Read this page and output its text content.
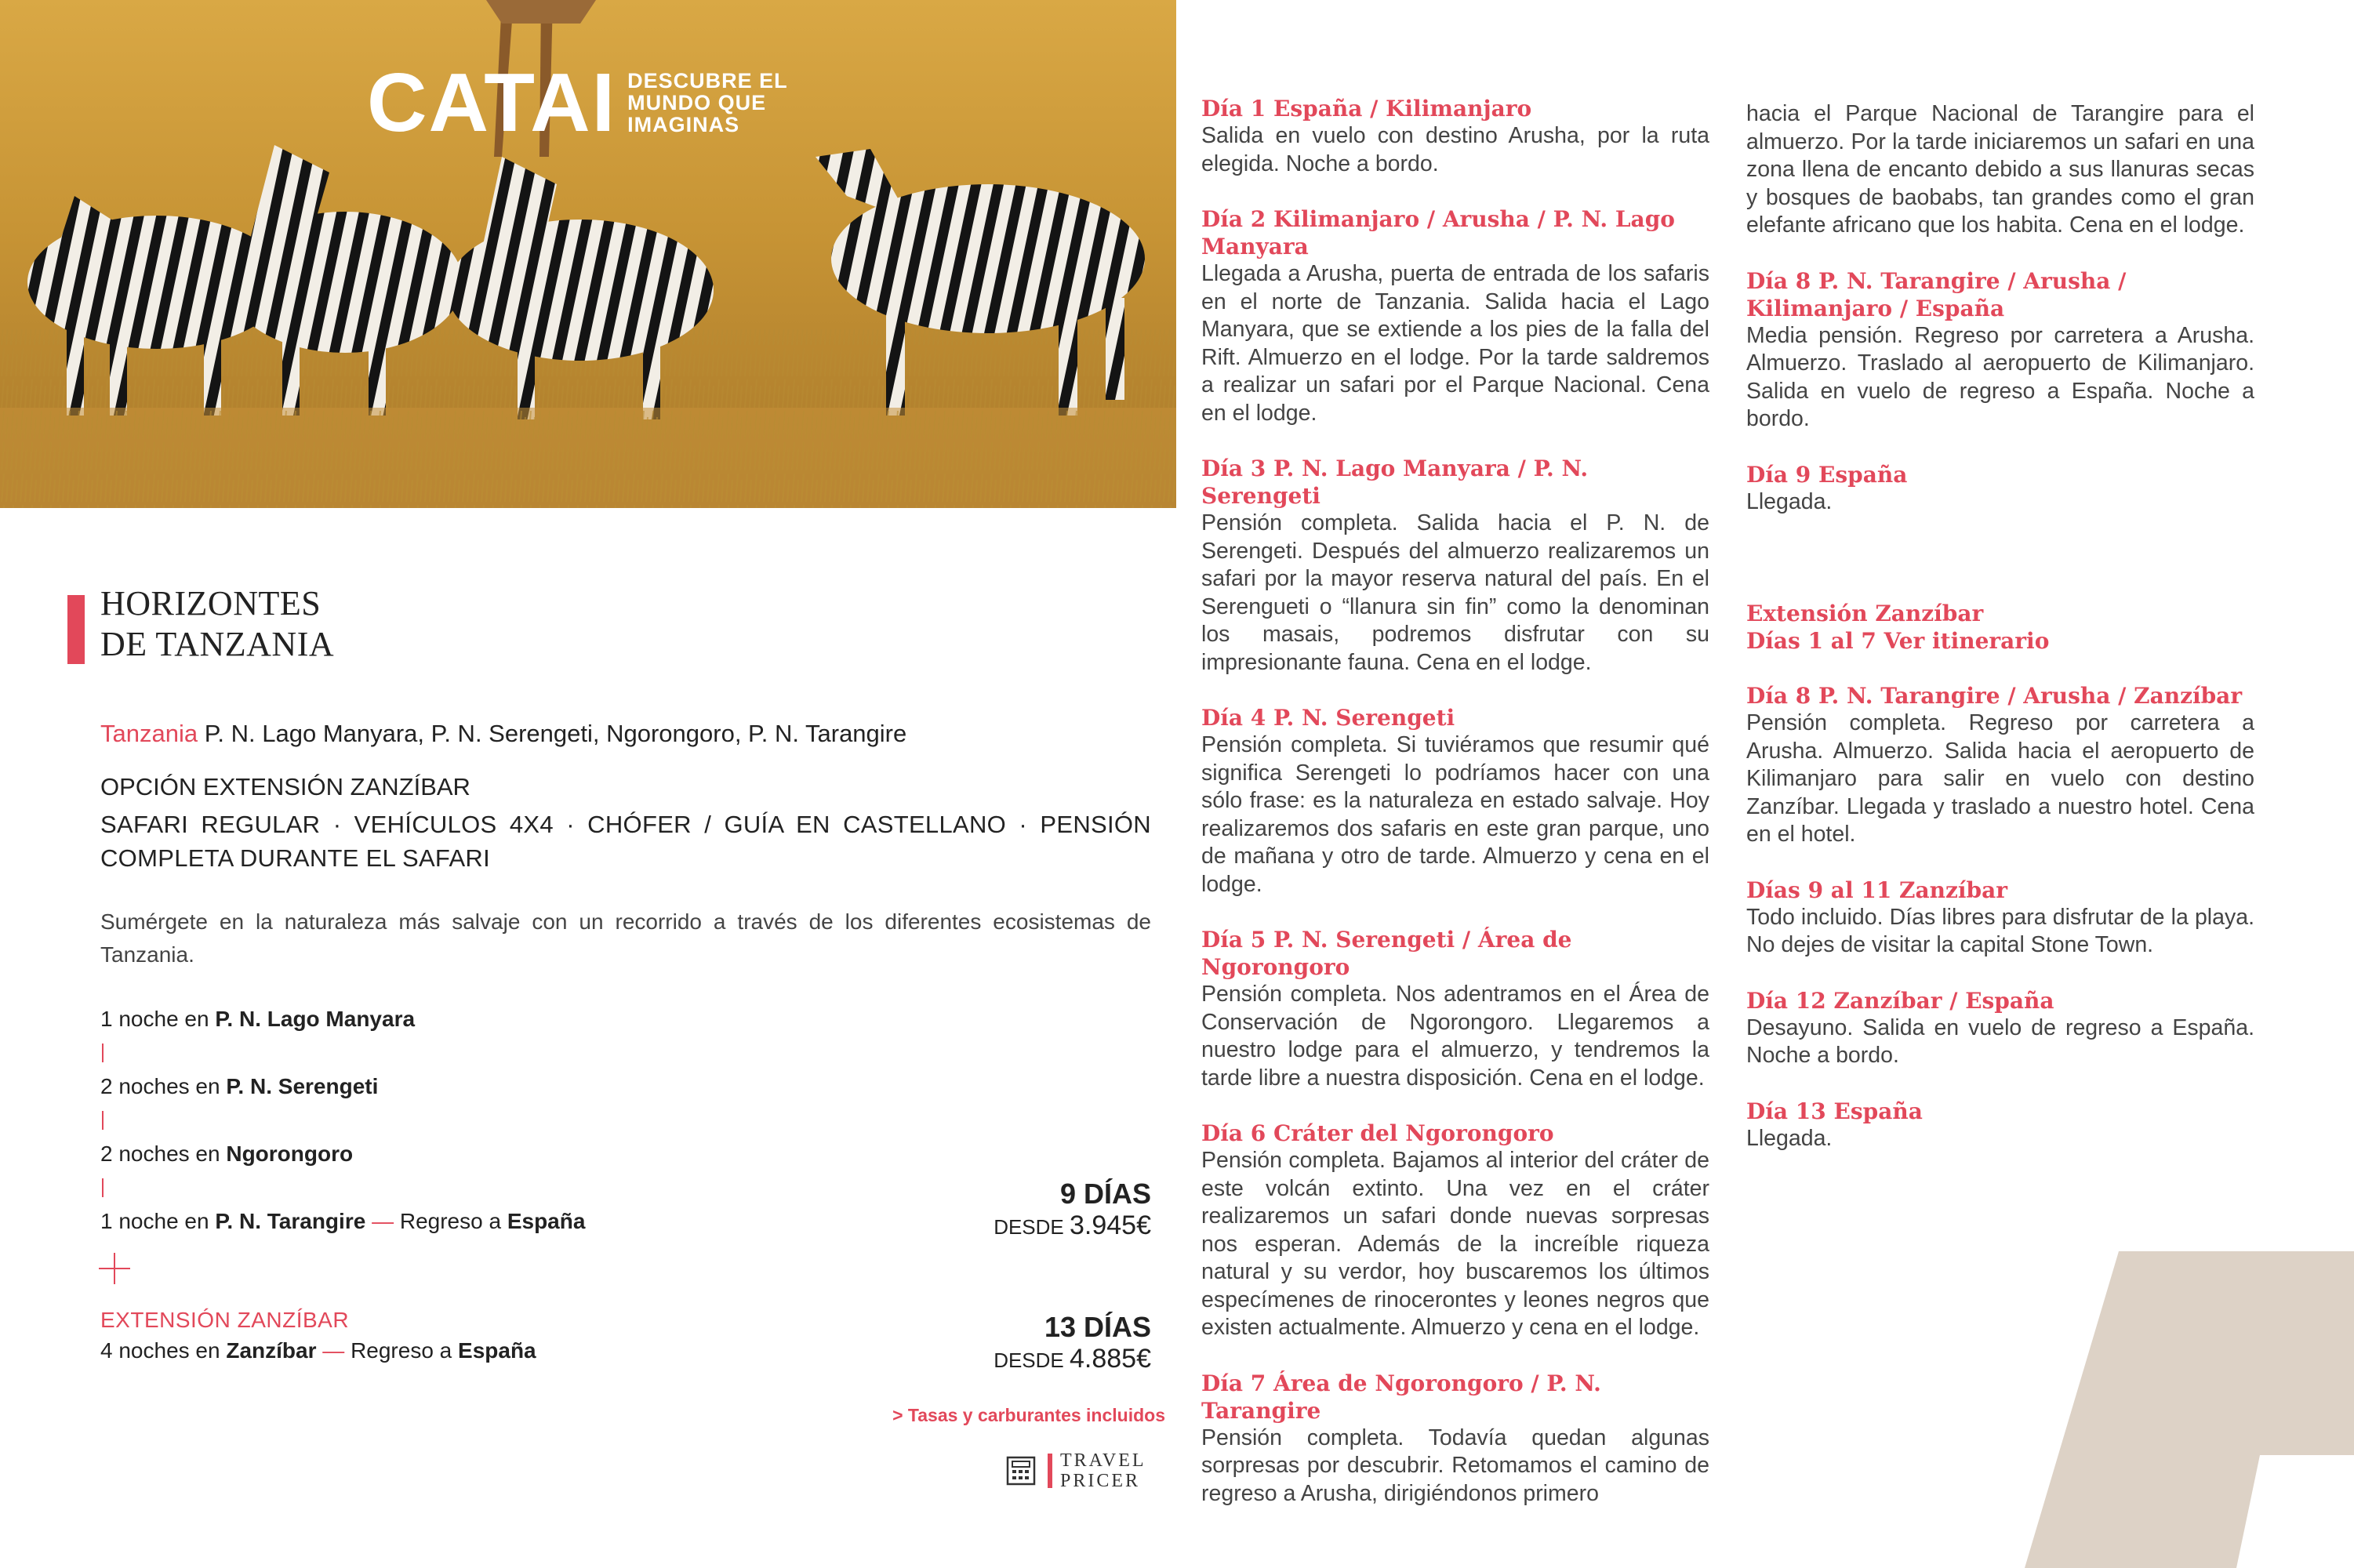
CATAI DESCUBRE EL
MUNDO QUE
IMAGINAS
HORIZONTES
DE TANZANIA
Tanzania P. N. Lago Manyara, P. N. Serengeti, Ngorongoro, P. N. Tarangire
OPCIÓN EXTENSIÓN ZANZÍBAR
SAFARI REGULAR · VEHÍCULOS 4X4 · CHÓFER / GUÍA EN CASTELLANO · PENSIÓN COMPLETA DURANTE EL SAFARI
Sumérgete en la naturaleza más salvaje con un recorrido a través de los diferentes ecosistemas de Tanzania.
1 noche en P. N. Lago Manyara
2 noches en P. N. Serengeti
2 noches en Ngorongoro
1 noche en P. N. Tarangire — Regreso a España
EXTENSIÓN ZANZÍBAR
4 noches en Zanzíbar — Regreso a España
9 DÍAS
DESDE 3.945€
13 DÍAS
DESDE 4.885€
> Tasas y carburantes incluidos
TRAVEL
PRICER
Día 1 España / Kilimanjaro

Salida en vuelo con destino Arusha, por la ruta elegida. Noche a bordo.

Día 2 Kilimanjaro / Arusha / P. N. Lago Manyara

Llegada a Arusha, puerta de entrada de los safaris en el norte de Tanzania. Salida hacia el Lago Manyara, que se extiende a los pies de la falla del Rift. Almuerzo en el lodge. Por la tarde saldremos a realizar un safari por el Parque Nacional. Cena en el lodge.

Día 3 P. N. Lago Manyara / P. N. Serengeti

Pensión completa. Salida hacia el P. N. de Serengeti. Después del almuerzo realizaremos un safari por la mayor reserva natural del país. En el Serengueti o “llanura sin fin” como la denominan los masais, podremos disfrutar con su impresionante fauna. Cena en el lodge.

Día 4 P. N. Serengeti

Pensión completa. Si tuviéramos que resumir qué significa Serengeti lo podríamos hacer con una sólo frase: es la naturaleza en estado salvaje. Hoy realizaremos dos safaris en este gran parque, uno de mañana y otro de tarde. Almuerzo y cena en el lodge.

Día 5 P. N. Serengeti / Área de Ngorongoro

Pensión completa. Nos adentramos en el Área de Conservación de Ngorongoro. Llegaremos a nuestro lodge para el almuerzo, y tendremos la tarde libre a nuestra disposición. Cena en el lodge.

Día 6 Cráter del Ngorongoro

Pensión completa. Bajamos al interior del cráter de este volcán extinto. Una vez en el cráter realizaremos un safari donde nuevas sorpresas nos esperan. Además de la increíble riqueza natural y su verdor, hoy buscaremos los últimos especímenes de rinocerontes y leones negros que existen actualmente. Almuerzo y cena en el lodge.

Día 7 Área de Ngorongoro / P. N. Tarangire

Pensión completa. Todavía quedan algunas sorpresas por descubrir. Retomamos el camino de regreso a Arusha, dirigiéndonos primero

hacia el Parque Nacional de Tarangire para el almuerzo. Por la tarde iniciaremos un safari en una zona llena de encanto debido a sus llanuras secas y bosques de baobabs, tan grandes como el gran elefante africano que los habita. Cena en el lodge.

Día 8 P. N. Tarangire / Arusha / Kilimanjaro / España

Media pensión. Regreso por carretera a Arusha. Almuerzo. Traslado al aeropuerto de Kilimanjaro. Salida en vuelo de regreso a España. Noche a bordo.

Día 9 España

Llegada.

Extensión Zanzíbar
Días 1 al 7 Ver itinerario
Día 8 P. N. Tarangire / Arusha / Zanzíbar

Pensión completa. Regreso por carretera a Arusha. Almuerzo. Salida hacia el aeropuerto de Kilimanjaro para salir en vuelo con destino Zanzíbar. Llegada y traslado a nuestro hotel. Cena en el hotel.

Días 9 al 11 Zanzíbar

Todo incluido. Días libres para disfrutar de la playa. No dejes de visitar la capital Stone Town.

Día 12 Zanzíbar / España

Desayuno. Salida en vuelo de regreso a España. Noche a bordo.

Día 13 España

Llegada.
